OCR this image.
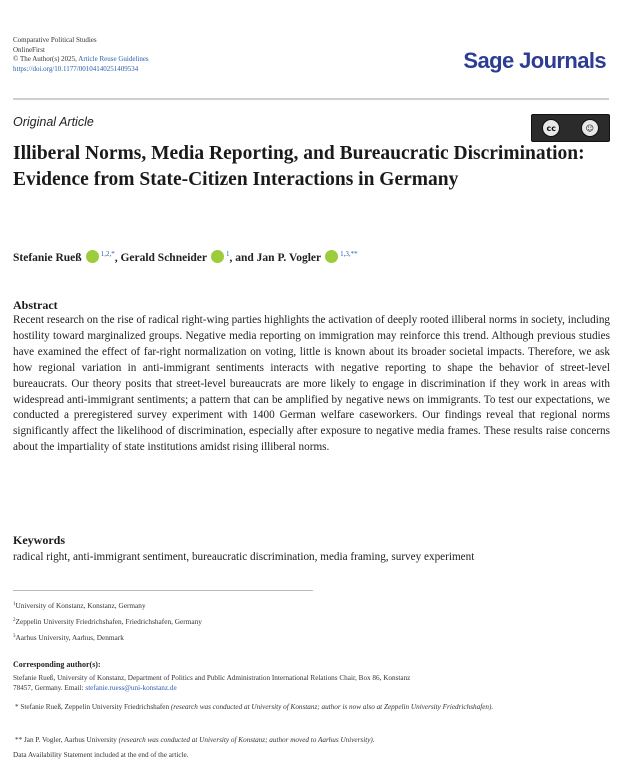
Comparative Political Studies
OnlineFirst
© The Author(s) 2025, Article Reuse Guidelines
https://doi.org/10.1177/00104140251409534	Sage Journals
Original Article	cc	☺
Illiberal Norms, Media Reporting, and Bureaucratic Discrimination: Evidence from State-Citizen Interactions in Germany
Stefanie Rueß	$^{1,2,*}$, Gerald Schneider	$^1$, and Jan P. Vogler	$^{1,3,**}$
Abstract
Recent research on the rise of radical right-wing parties highlights the activation of deeply rooted illiberal norms in society, including hostility toward marginalized groups. Negative media reporting on immigration may reinforce this trend. Although previous studies have examined the effect of far-right normalization on voting, little is known about its broader societal impacts. Therefore, we ask how regional variation in anti-immigrant sentiments interacts with negative reporting to shape the behavior of street-level bureaucrats. Our theory posits that street-level bureaucrats are more likely to engage in discrimination if they work in areas with widespread anti-immigrant sentiments; a pattern that can be amplified by negative news on immigrants. To test our expectations, we conducted a preregistered survey experiment with 1400 German welfare caseworkers. Our findings reveal that regional norms significantly affect the likelihood of discrimination, especially after exposure to negative media frames. These results raise concerns about the impartiality of state institutions amidst rising illiberal norms.
Keywords
radical right, anti-immigrant sentiment, bureaucratic discrimination, media framing, survey experiment
$^1$University of Konstanz, Konstanz, Germany
$^2$Zeppelin University Friedrichshafen, Friedrichshafen, Germany
$^3$Aarhus University, Aarhus, Denmark
Corresponding author(s):
Stefanie Rueß, University of Konstanz, Department of Politics and Public Administration International Relations Chair, Box 86, Konstanz
78457, Germany. Email: stefanie.ruess@uni-konstanz.de
* Stefanie Rueß, Zeppelin University Friedrichshafen (research was conducted at University of Konstanz; author is now also at Zeppelin University Friedrichshafen).
** Jan P. Vogler, Aarhus University (research was conducted at University of Konstanz; author moved to Aarhus University).
Data Availability Statement included at the end of the article.
